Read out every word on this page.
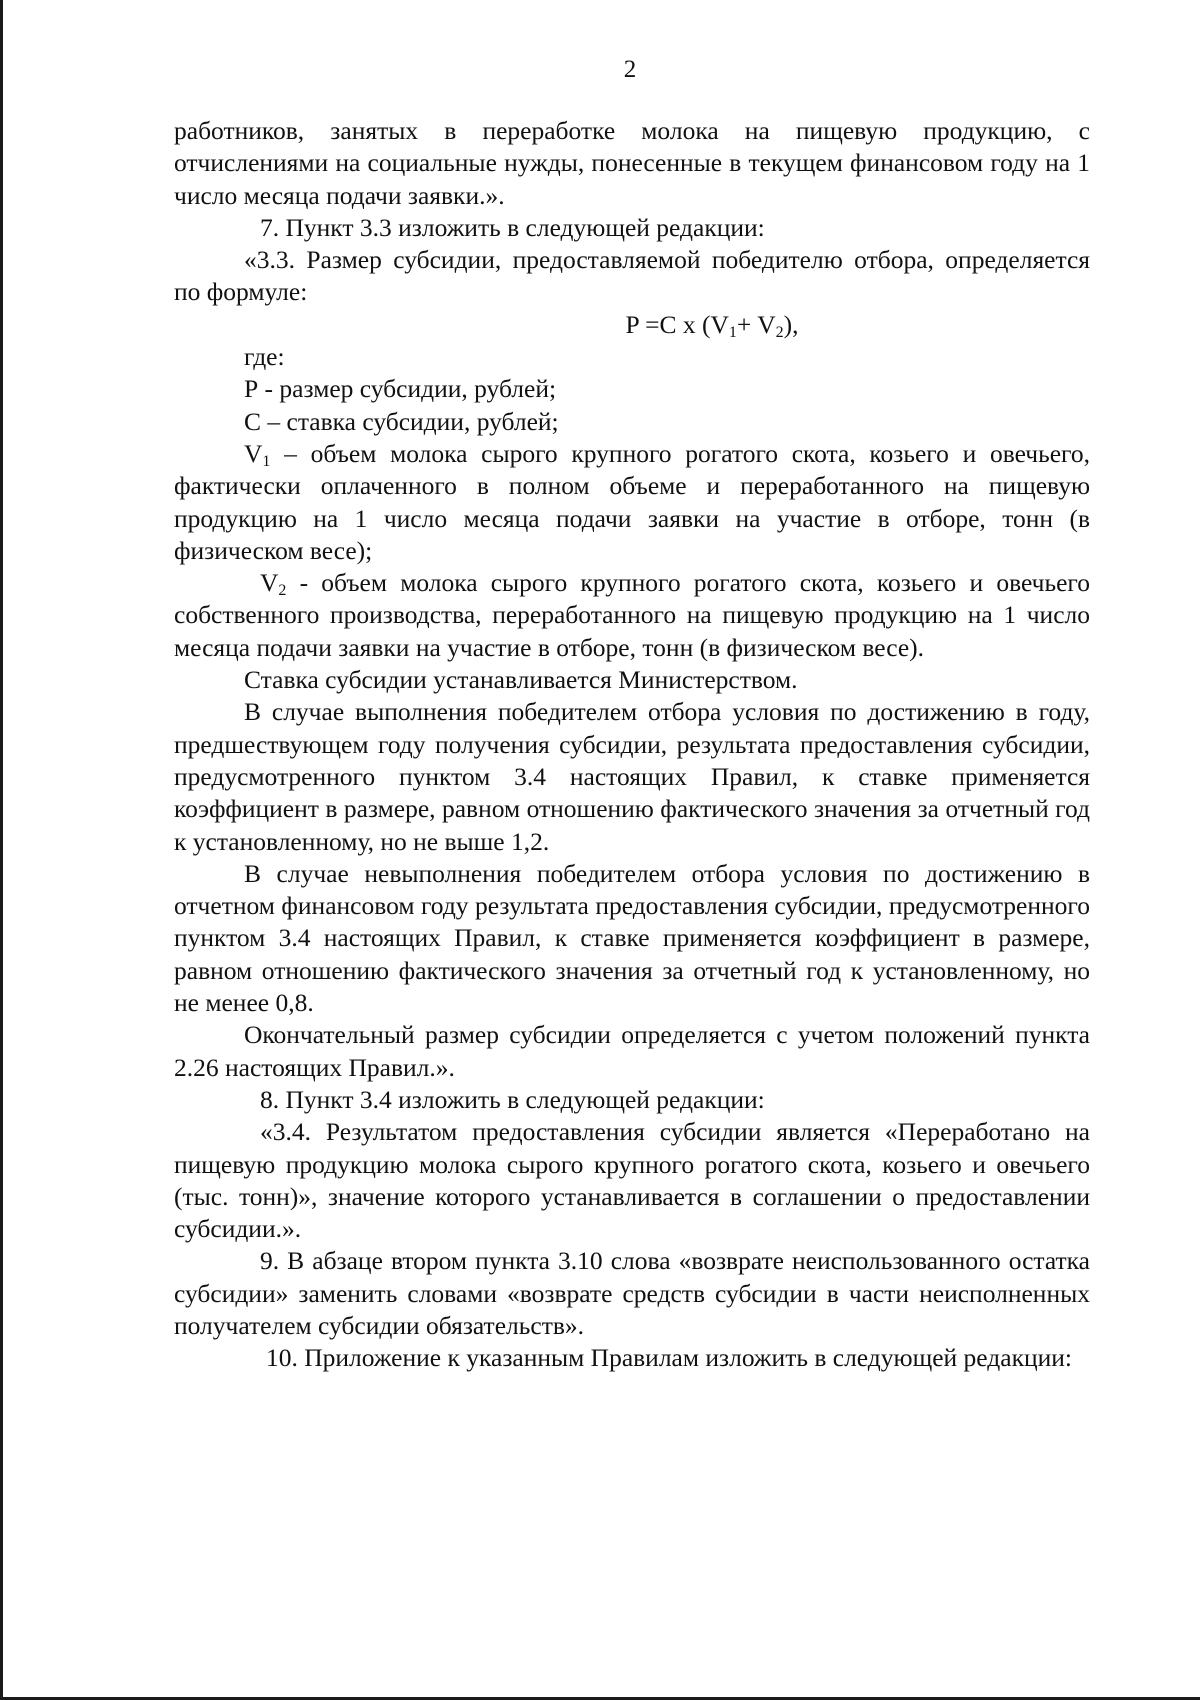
2

работников, занятых в переработке молока на пищевую продукцию, с отчислениями на социальные нужды, понесенные в текущем финансовом году на 1 число месяца подачи заявки.».

7. Пункт 3.3 изложить в следующей редакции:

«3.3. Размер субсидии, предоставляемой победителю отбора, определяется по формуле:

P =C x $(V_1+ V_2)$,

где:

Р - размер субсидии, рублей;

С – ставка субсидии, рублей;

$V_1$ – объем молока сырого крупного рогатого скота, козьего и овечьего, фактически оплаченного в полном объеме и переработанного на пищевую продукцию на 1 число месяца подачи заявки на участие в отборе, тонн (в физическом весе);

$V_2$ - объем молока сырого крупного рогатого скота, козьего и овечьего собственного производства, переработанного на пищевую продукцию на 1 число месяца подачи заявки на участие в отборе, тонн (в физическом весе).

Ставка субсидии устанавливается Министерством.

В случае выполнения победителем отбора условия по достижению в году, предшествующем году получения субсидии, результата предоставления субсидии, предусмотренного пунктом 3.4 настоящих Правил, к ставке применяется коэффициент в размере, равном отношению фактического значения за отчетный год к установленному, но не выше 1,2.

В случае невыполнения победителем отбора условия по достижению в отчетном финансовом году результата предоставления субсидии, предусмотренного пунктом 3.4 настоящих Правил, к ставке применяется коэффициент в размере, равном отношению фактического значения за отчетный год к установленному, но не менее 0,8.

Окончательный размер субсидии определяется с учетом положений пункта 2.26 настоящих Правил.».

8. Пункт 3.4 изложить в следующей редакции:

«3.4. Результатом предоставления субсидии является «Переработано на пищевую продукцию молока сырого крупного рогатого скота, козьего и овечьего (тыс. тонн)», значение которого устанавливается в соглашении о предоставлении субсидии.».

9. В абзаце втором пункта 3.10 слова «возврате неиспользованного остатка субсидии» заменить словами «возврате средств субсидии в части неисполненных получателем субсидии обязательств».

10. Приложение к указанным Правилам изложить в следующей редакции:
